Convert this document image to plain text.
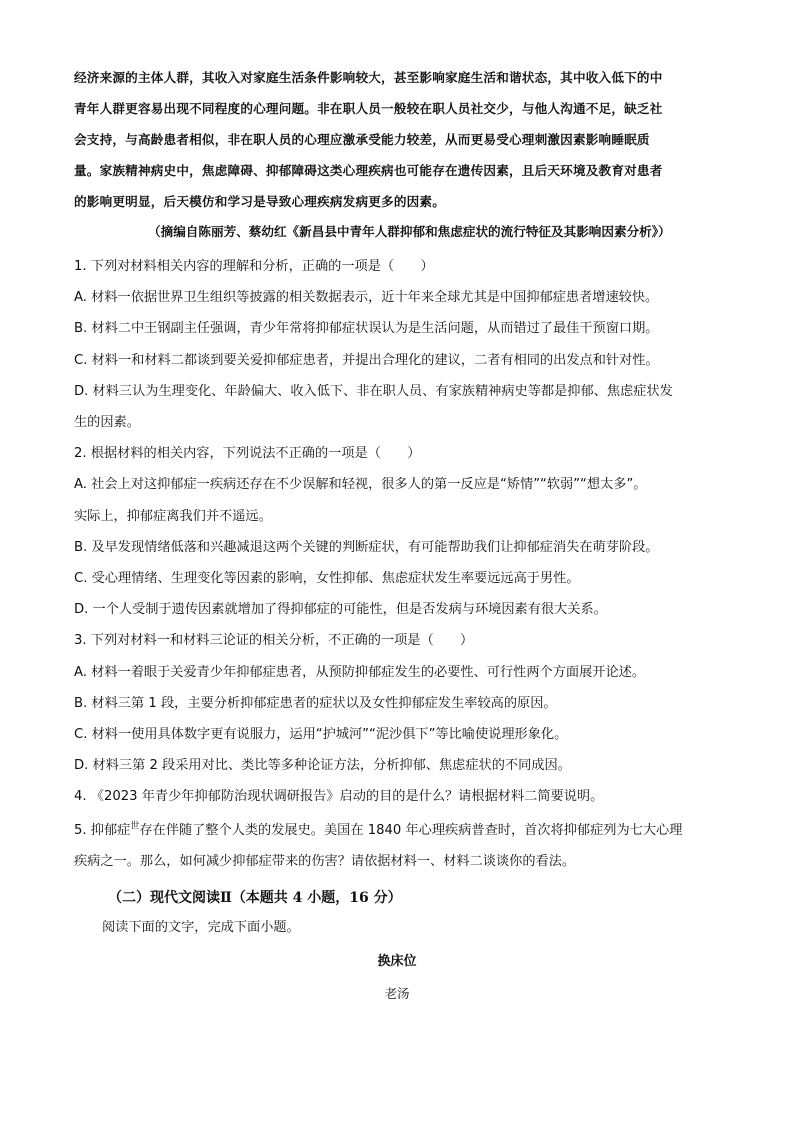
经济来源的主体人群，其收入对家庭生活条件影响较大，甚至影响家庭生活和谐状态，其中收入低下的中

青年人群更容易出现不同程度的心理问题。非在职人员一般较在职人员社交少，与他人沟通不足，缺乏社

会支持，与高龄患者相似，非在职人员的心理应激承受能力较差，从而更易受心理刺激因素影响睡眠质

量。家族精神病史中，焦虑障碍、抑郁障碍这类心理疾病也可能存在遗传因素，且后天环境及教育对患者

的影响更明显，后天模仿和学习是导致心理疾病发病更多的因素。

（摘编自陈丽芳、蔡幼红《新昌县中青年人群抑郁和焦虑症状的流行特征及其影响因素分析》）

1. 下列对材料相关内容的理解和分析，正确的一项是（　　）

A. 材料一依据世界卫生组织等披露的相关数据表示，近十年来全球尤其是中国抑郁症患者增速较快。

B. 材料二中王钢副主任强调，青少年常将抑郁症状误认为是生活问题，从而错过了最佳干预窗口期。

C. 材料一和材料二都谈到要关爱抑郁症患者，并提出合理化的建议，二者有相同的出发点和针对性。

D. 材料三认为生理变化、年龄偏大、收入低下、非在职人员、有家族精神病史等都是抑郁、焦虑症状发

生的因素。

2. 根据材料的相关内容，下列说法不正确的一项是（　　）

A. 社会上对这抑郁症一疾病还存在不少误解和轻视，很多人的第一反应是“矫情”“软弱”“想太多”。

实际上，抑郁症离我们并不遥远。

B. 及早发现情绪低落和兴趣减退这两个关键的判断症状，有可能帮助我们让抑郁症消失在萌芽阶段。

C. 受心理情绪、生理变化等因素的影响，女性抑郁、焦虑症状发生率要远远高于男性。

D. 一个人受制于遗传因素就增加了得抑郁症的可能性，但是否发病与环境因素有很大关系。

3. 下列对材料一和材料三论证的相关分析，不正确的一项是（　　）

A. 材料一着眼于关爱青少年抑郁症患者，从预防抑郁症发生的必要性、可行性两个方面展开论述。

B. 材料三第 1 段，主要分析抑郁症患者的症状以及女性抑郁症发生率较高的原因。

C. 材料一使用具体数字更有说服力，运用“护城河”“泥沙俱下”等比喻使说理形象化。

D. 材料三第 2 段采用对比、类比等多种论证方法，分析抑郁、焦虑症状的不同成因。

4. 《2023 年青少年抑郁防治现状调研报告》启动的目的是什么？请根据材料二简要说明。

5. 抑郁症$^世$存在伴随了整个人类的发展史。美国在 1840 年心理疾病普查时，首次将抑郁症列为七大心理

疾病之一。那么，如何减少抑郁症带来的伤害？请依据材料一、材料二谈谈你的看法。

（二）现代文阅读Ⅱ（本题共 4 小题，16 分）
阅读下面的文字，完成下面小题。
换床位
老汤
